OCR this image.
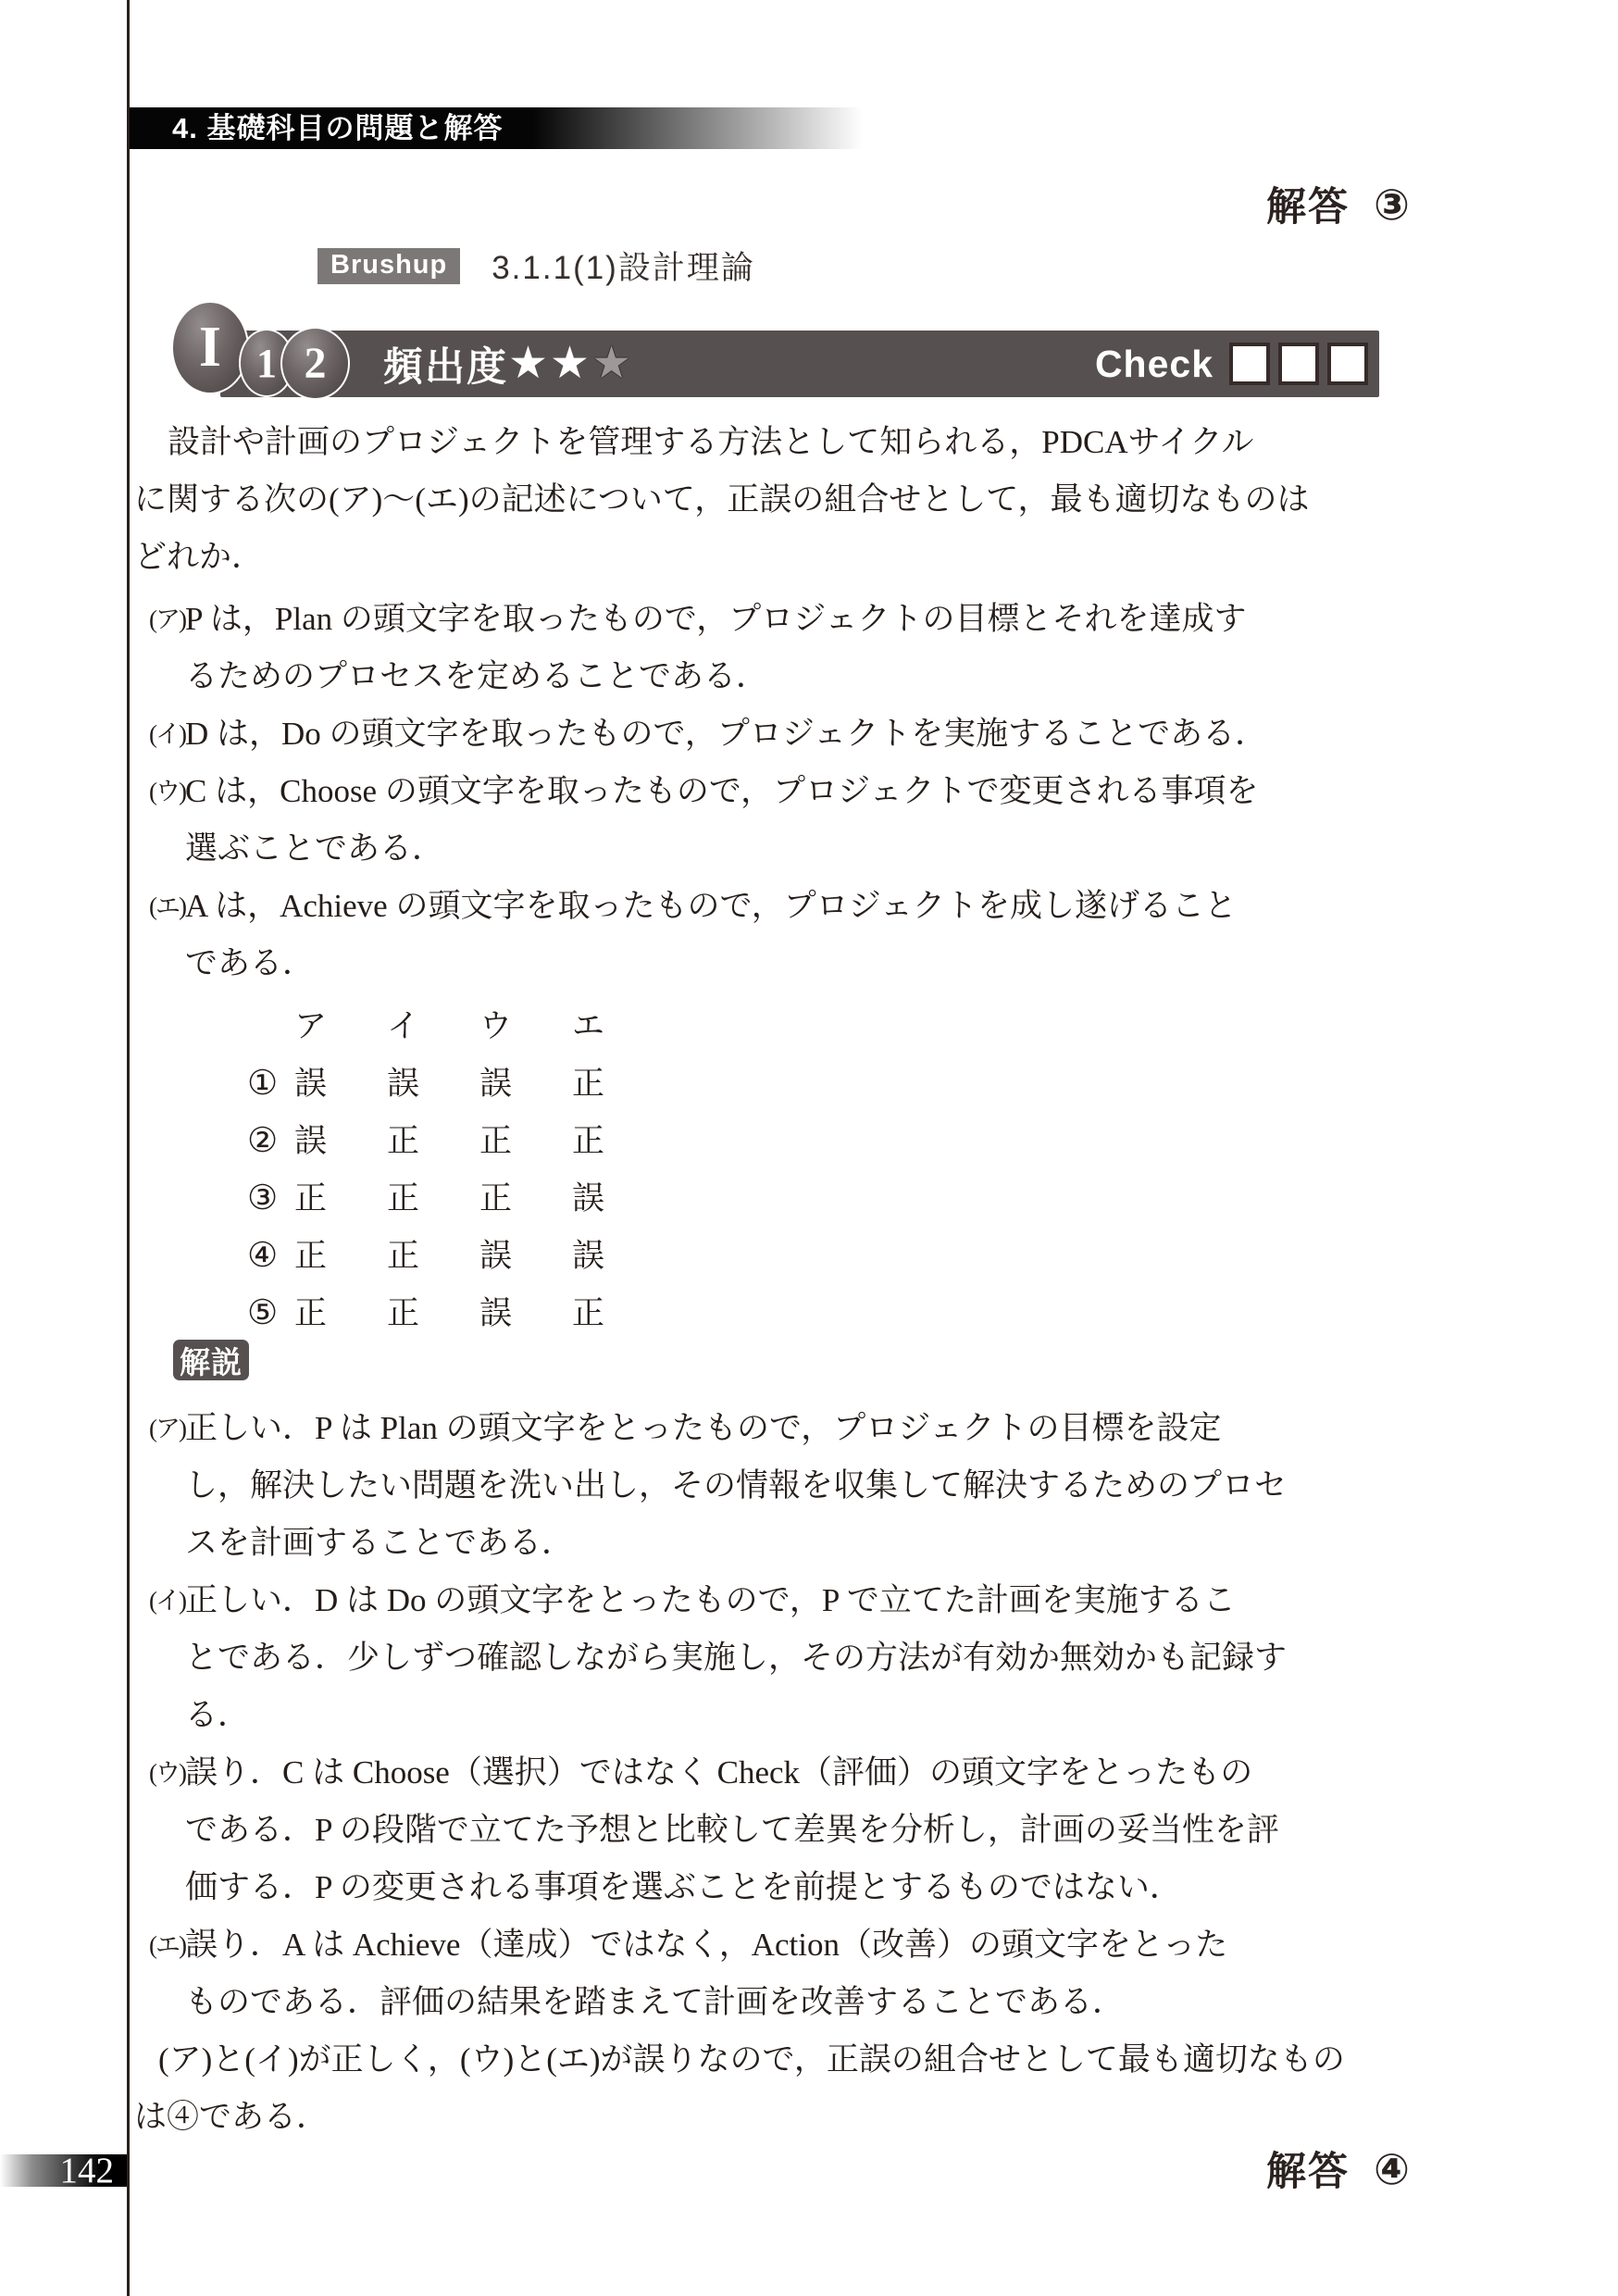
4. 基礎科目の問題と解答
解答 ③
Brushup	3.1.1(1)設計理論
頻出度 ★★ ★	Check
I 1 2
設計や計画のプロジェクトを管理する方法として知られる，PDCAサイクル
に関する次の(ア)～(エ)の記述について，正誤の組合せとして，最も適切なものは
どれか．
(ア) P は，Plan の頭文字を取ったもので，プロジェクトの目標とそれを達成す
るためのプロセスを定めることである．
(イ) D は，Do の頭文字を取ったもので，プロジェクトを実施することである．
(ウ) C は，Choose の頭文字を取ったもので，プロジェクトで変更される事項を
選ぶことである．
(エ) A は，Achieve の頭文字を取ったもので，プロジェクトを成し遂げること
である．
ア	イ	ウ	エ
① 誤	誤	誤	正
② 誤	正	正	正
③ 正	正	正	誤
④ 正	正	誤	誤
⑤ 正	正	誤	正
解説
(ア) 正しい．P は Plan の頭文字をとったもので，プロジェクトの目標を設定
し，解決したい問題を洗い出し，その情報を収集して解決するためのプロセ
スを計画することである．
(イ) 正しい．D は Do の頭文字をとったもので，P で立てた計画を実施するこ
とである．少しずつ確認しながら実施し，その方法が有効か無効かも記録す
る．
(ウ) 誤り．C は Choose（選択）ではなく Check（評価）の頭文字をとったもの
である．P の段階で立てた予想と比較して差異を分析し，計画の妥当性を評
価する．P の変更される事項を選ぶことを前提とするものではない．
(エ) 誤り．A は Achieve（達成）ではなく，Action（改善）の頭文字をとった
ものである．評価の結果を踏まえて計画を改善することである．
(ア)と(イ)が正しく，(ウ)と(エ)が誤りなので，正誤の組合せとして最も適切なもの
は④である．
解答 ④
142
